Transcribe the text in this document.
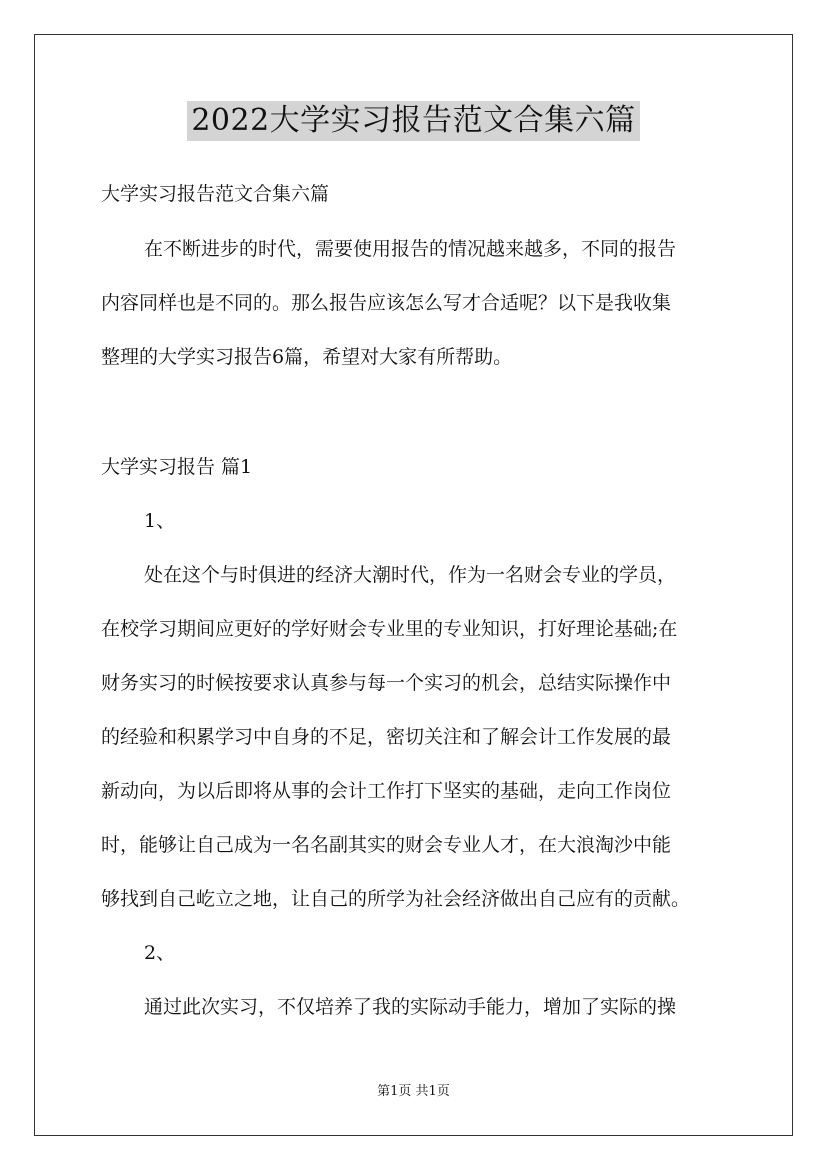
2022大学实习报告范文合集六篇
大学实习报告范文合集六篇
在不断进步的时代，需要使用报告的情况越来越多，不同的报告
内容同样也是不同的。那么报告应该怎么写才合适呢？以下是我收集
整理的大学实习报告6篇，希望对大家有所帮助。
大学实习报告 篇1
1、
处在这个与时俱进的经济大潮时代，作为一名财会专业的学员，
在校学习期间应更好的学好财会专业里的专业知识，打好理论基础;在
财务实习的时候按要求认真参与每一个实习的机会，总结实际操作中
的经验和积累学习中自身的不足，密切关注和了解会计工作发展的最
新动向，为以后即将从事的会计工作打下坚实的基础，走向工作岗位
时，能够让自己成为一名名副其实的财会专业人才，在大浪淘沙中能
够找到自己屹立之地，让自己的所学为社会经济做出自己应有的贡献。
2、
通过此次实习，不仅培养了我的实际动手能力，增加了实际的操
第1页 共1页
